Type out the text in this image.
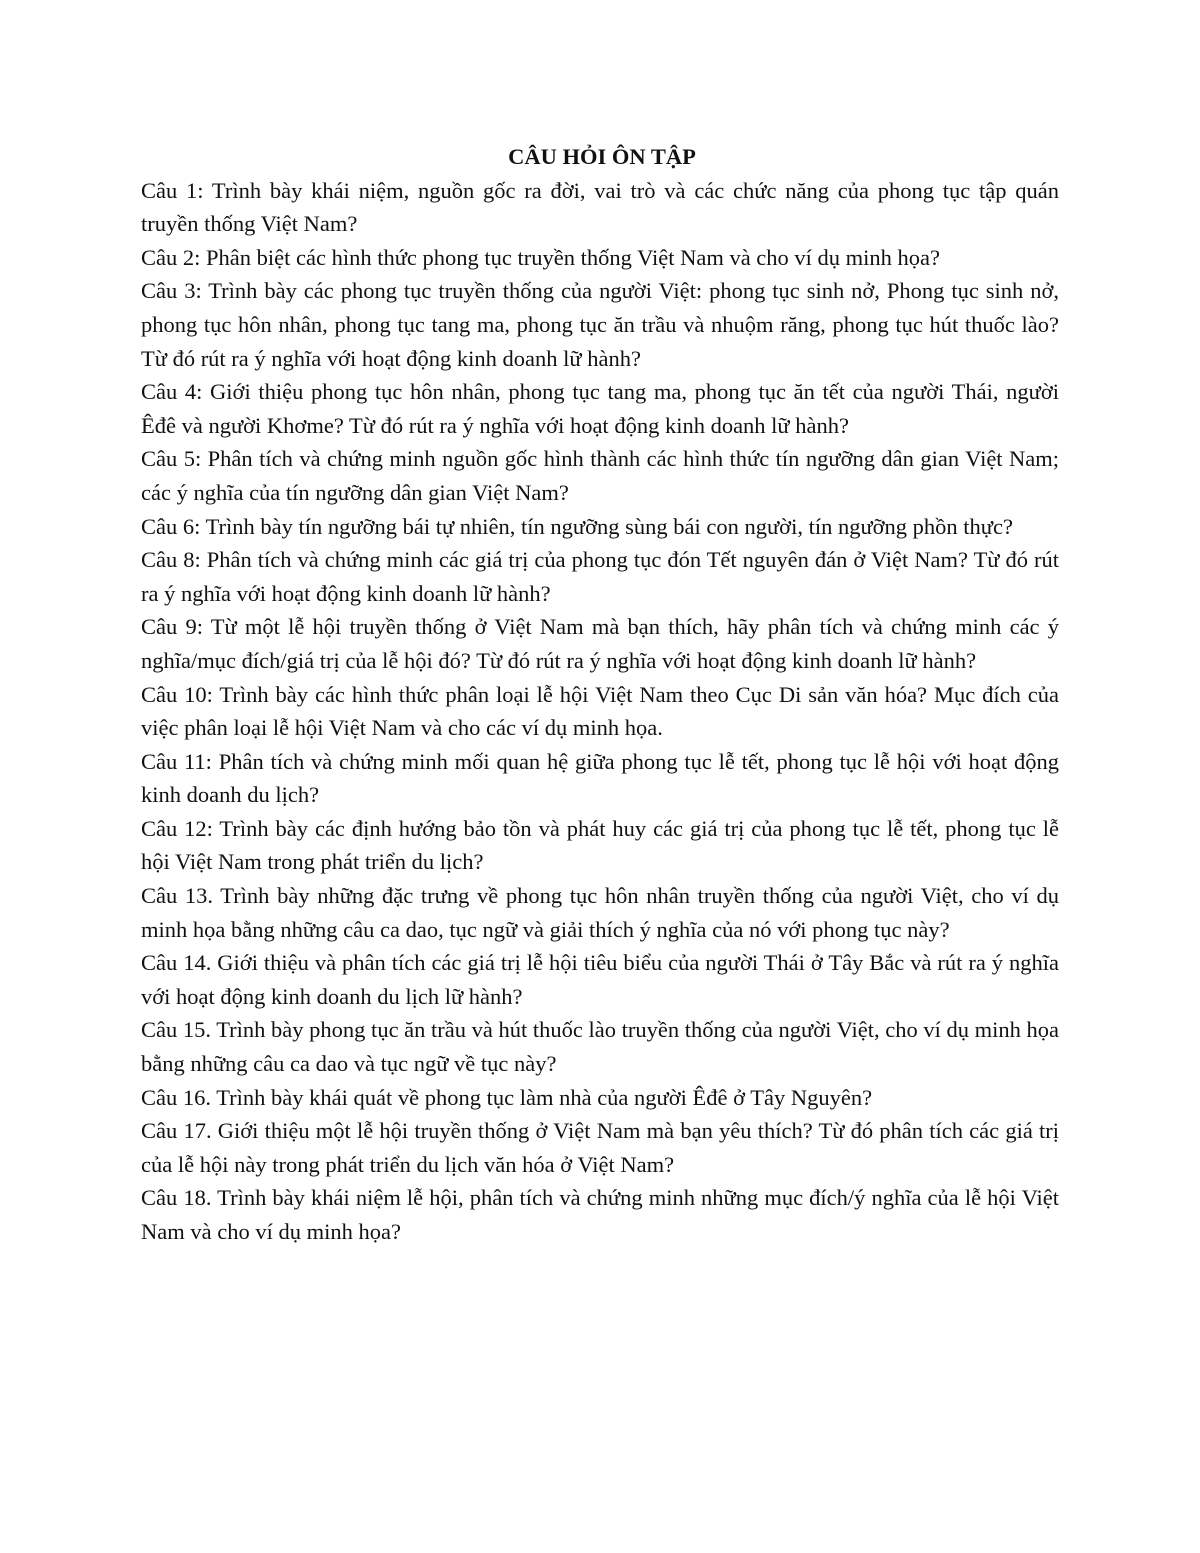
CÂU HỎI ÔN TẬP

Câu 1: Trình bày khái niệm, nguồn gốc ra đời, vai trò và các chức năng của phong tục tập quán truyền thống Việt Nam?

Câu 2: Phân biệt các hình thức phong tục truyền thống Việt Nam và cho ví dụ minh họa?

Câu 3: Trình bày các phong tục truyền thống của người Việt: phong tục sinh nở, Phong tục sinh nở, phong tục hôn nhân, phong tục tang ma, phong tục ăn trầu và nhuộm răng, phong tục hút thuốc lào? Từ đó rút ra ý nghĩa với hoạt động kinh doanh lữ hành?

Câu 4: Giới thiệu phong tục hôn nhân, phong tục tang ma, phong tục ăn tết của người Thái, người Êđê và người Khơme? Từ đó rút ra ý nghĩa với hoạt động kinh doanh lữ hành?

Câu 5: Phân tích và chứng minh nguồn gốc hình thành các hình thức tín ngưỡng dân gian Việt Nam; các ý nghĩa của tín ngưỡng dân gian Việt Nam?

Câu 6: Trình bày tín ngưỡng bái tự nhiên, tín ngưỡng sùng bái con người, tín ngưỡng phồn thực?

Câu 8: Phân tích và chứng minh các giá trị của phong tục đón Tết nguyên đán ở Việt Nam? Từ đó rút ra ý nghĩa với hoạt động kinh doanh lữ hành?

Câu 9: Từ một lễ hội truyền thống ở Việt Nam mà bạn thích, hãy phân tích và chứng minh các ý nghĩa/mục đích/giá trị của lễ hội đó? Từ đó rút ra ý nghĩa với hoạt động kinh doanh lữ hành?

Câu 10: Trình bày các hình thức phân loại lễ hội Việt Nam theo Cục Di sản văn hóa? Mục đích của việc phân loại lễ hội Việt Nam và cho các ví dụ minh họa.

Câu 11: Phân tích và chứng minh mối quan hệ giữa phong tục lễ tết, phong tục lễ hội với hoạt động kinh doanh du lịch?

Câu 12: Trình bày các định hướng bảo tồn và phát huy các giá trị của phong tục lễ tết, phong tục lễ hội Việt Nam trong phát triển du lịch?

Câu 13. Trình bày những đặc trưng về phong tục hôn nhân truyền thống của người Việt, cho ví dụ minh họa bằng những câu ca dao, tục ngữ và giải thích ý nghĩa của nó với phong tục này?

Câu 14. Giới thiệu và phân tích các giá trị lễ hội tiêu biểu của người Thái ở Tây Bắc và rút ra ý nghĩa với hoạt động kinh doanh du lịch lữ hành?

Câu 15. Trình bày phong tục ăn trầu và hút thuốc lào truyền thống của người Việt, cho ví dụ minh họa bằng những câu ca dao và tục ngữ về tục này?

Câu 16. Trình bày khái quát về phong tục làm nhà của người Êđê ở Tây Nguyên?

Câu 17. Giới thiệu một lễ hội truyền thống ở Việt Nam mà bạn yêu thích? Từ đó phân tích các giá trị của lễ hội này trong phát triển du lịch văn hóa ở Việt Nam?

Câu 18. Trình bày khái niệm lễ hội, phân tích và chứng minh những mục đích/ý nghĩa của lễ hội Việt Nam và cho ví dụ minh họa?
